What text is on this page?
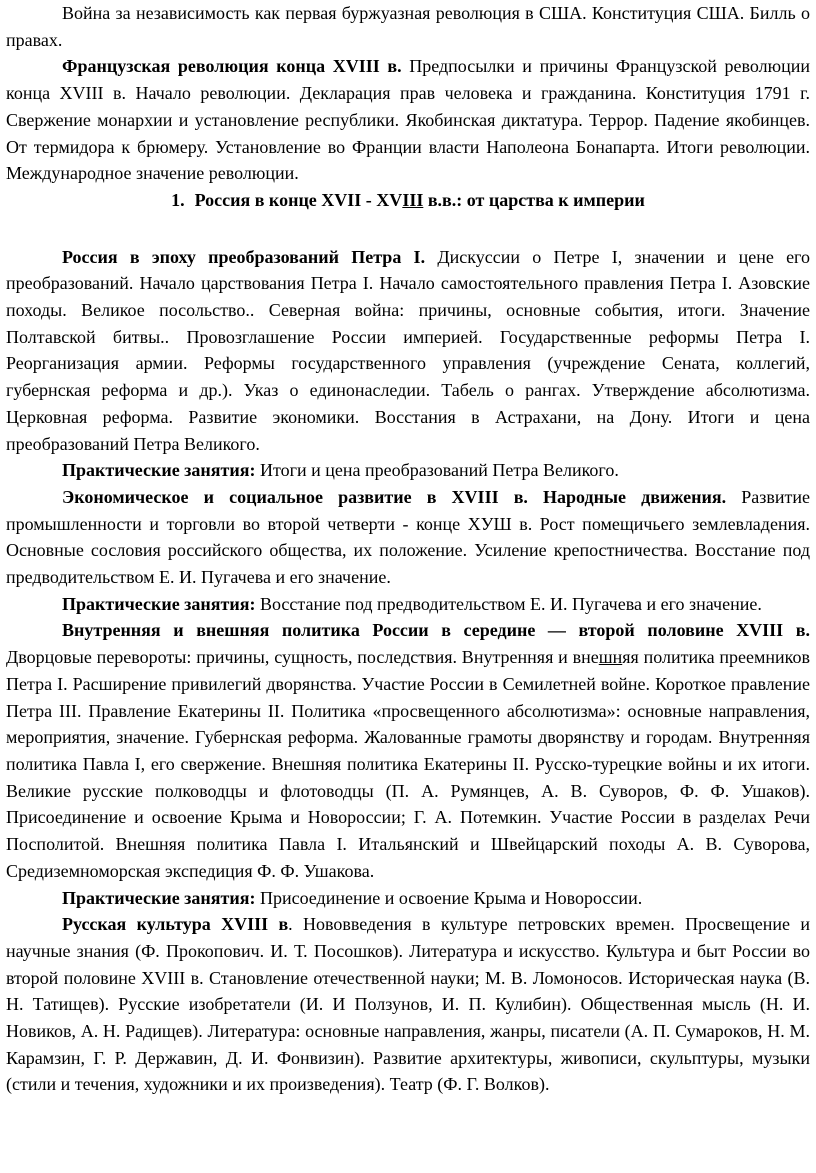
Война за независимость как первая буржуазная революция в США. Конституция США. Билль о правах.

Французская революция конца XVIII в. Предпосылки и причины Французской революции конца XVIII в. Начало революции. Декларация прав человека и гражданина. Конституция 1791 г. Свержение монархии и установление республики. Якобинская диктатура. Террор. Падение якобинцев. От термидора к брюмеру. Установление во Франции власти Наполеона Бонапарта. Итоги революции. Международное значение революции.

1. Россия в конце XVII - XVIII в.в.: от царства к империи

Россия в эпоху преобразований Петра I. Дискуссии о Петре I, значении и цене его преобразований. Начало царствования Петра I. Начало самостоятельного правления Петра I. Азовские походы. Великое посольство.. Северная война: причины, основные события, итоги. Значение Полтавской битвы.. Провозглашение России империей. Государственные реформы Петра I. Реорганизация армии. Реформы государственного управления (учреждение Сената, коллегий, губернская реформа и др.). Указ о единонаследии. Табель о рангах. Утверждение абсолютизма. Церковная реформа. Развитие экономики. Восстания в Астрахани, на Дону. Итоги и цена преобразований Петра Великого.

Практические занятия: Итоги и цена преобразований Петра Великого.

Экономическое и социальное развитие в XVIII в. Народные движения. Развитие промышленности и торговли во второй четверти - конце ХУШ в. Рост помещичьего землевладения. Основные сословия российского общества, их положение. Усиление крепостничества. Восстание под предводительством Е. И. Пугачева и его значение.

Практические занятия: Восстание под предводительством Е. И. Пугачева и его значение.

Внутренняя и внешняя политика России в середине — второй половине XVIII в. Дворцовые перевороты: причины, сущность, последствия. Внутренняя и внешняя политика преемников Петра I. Расширение привилегий дворянства. Участие России в Семилетней войне. Короткое правление Петра III. Правление Екатерины II. Политика «просвещенного абсолютизма»: основные направления, мероприятия, значение. Губернская реформа. Жалованные грамоты дворянству и городам. Внутренняя политика Павла I, его свержение. Внешняя политика Екатерины II. Русско-турецкие войны и их итоги. Великие русские полководцы и флотоводцы (П. А. Румянцев, А. В. Суворов, Ф. Ф. Ушаков). Присоединение и освоение Крыма и Новороссии; Г. А. Потемкин. Участие России в разделах Речи Посполитой. Внешняя политика Павла I. Итальянский и Швейцарский походы А. В. Суворова, Средиземноморская экспедиция Ф. Ф. Ушакова.

Практические занятия: Присоединение и освоение Крыма и Новороссии.

Русская культура XVIII в. Нововведения в культуре петровских времен. Просвещение и научные знания (Ф. Прокопович. И. Т. Посошков). Литература и искусство. Культура и быт России во второй половине XVIII в. Становление отечественной науки; М. В. Ломоносов. Историческая наука (В. Н. Татищев). Русские изобретатели (И. И Ползунов, И. П. Кулибин). Общественная мысль (Н. И. Новиков, А. Н. Радищев). Литература: основные направления, жанры, писатели (А. П. Сумароков, Н. М. Карамзин, Г. Р. Державин, Д. И. Фонвизин). Развитие архитектуры, живописи, скульптуры, музыки (стили и течения, художники и их произведения). Театр (Ф. Г. Волков).
